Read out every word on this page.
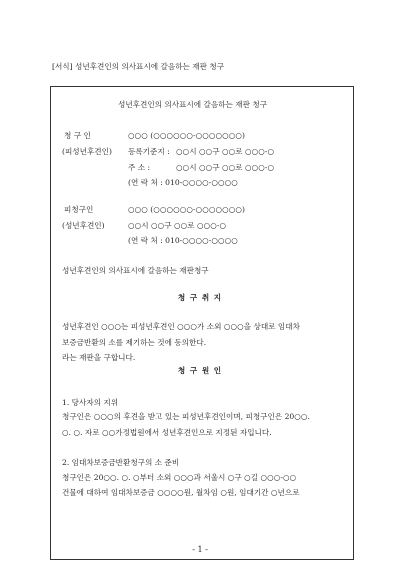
[서식] 성년후견인의 의사표시에 갈음하는 재판 청구
성년후견인의 의사표시에 갈음하는 재판 청구
청 구 인	○○○ (○○○○○○-○○○○○○○)
(피성년후견인) 등록기준지 : ○○시 ○○구 ○○로 ○○○-○
주 소 :	○○시 ○○구 ○○로 ○○○-○
(연 락 처 : 010-○○○○-○○○○
피청구인	○○○ (○○○○○○-○○○○○○○)
(성년후견인)	○○시 ○○구 ○○로 ○○○-○
(연 락 처 : 010-○○○○-○○○○
성년후견인의 의사표시에 갈음하는 재판청구
청 구 취 지
성년후견인 ○○○는 피성년후견인 ○○○가 소외 ○○○을 상대로 임대차
보증금반환의 소를 제기하는 것에 동의한다.
라는 재판을 구합니다.
청 구 원 인
1. 당사자의 지위
청구인은 ○○○의 후견을 받고 있는 피성년후견인이며, 피청구인은 20○○.
○. ○. 자로 ○○가정법원에서 성년후견인으로 지정된 자입니다.
2. 임대차보증금반환청구의 소 준비
청구인은 20○○. ○. ○부터 소외 ○○○과 서울시 ○구 ○길 ○○○-○○
건물에 대하여 임대차보증금 ○○○○원, 월차임 ○원, 임대기간 ○년으로
- 1 -
